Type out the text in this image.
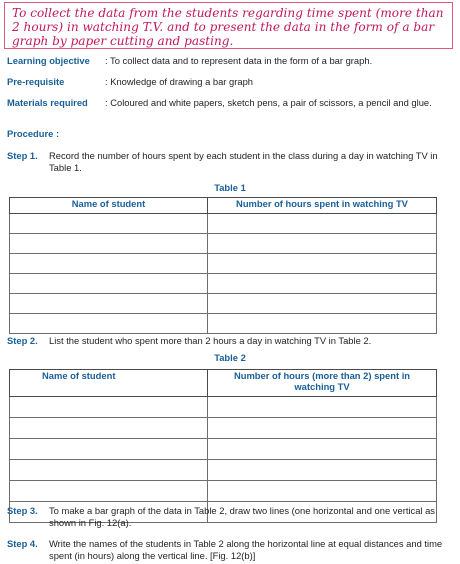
To collect the data from the students regarding time spent (more than 2 hours) in watching T.V. and to present the data in the form of a bar graph by paper cutting and pasting.
Learning objective : To collect data and to represent data in the form of a bar graph.
Pre-requisite	: Knowledge of drawing a bar graph
Materials required : Coloured and white papers, sketch pens, a pair of scissors, a pencil and glue.
Procedure :
Step 1. Record the number of hours spent by each student in the class during a day in watching TV in Table 1.
Table 1
Name of student	Number of hours spent in watching TV

Step 2. List the student who spent more than 2 hours a day in watching TV in Table 2.
Table 2
Name of student	Number of hours (more than 2) spent in watching TV

Step 3. To make a bar graph of the data in Table 2, draw two lines (one horizontal and one vertical as shown in Fig. 12(a).
Step 4. Write the names of the students in Table 2 along the horizontal line at equal distances and time spent (in hours) along the vertical line. [Fig. 12(b)]
